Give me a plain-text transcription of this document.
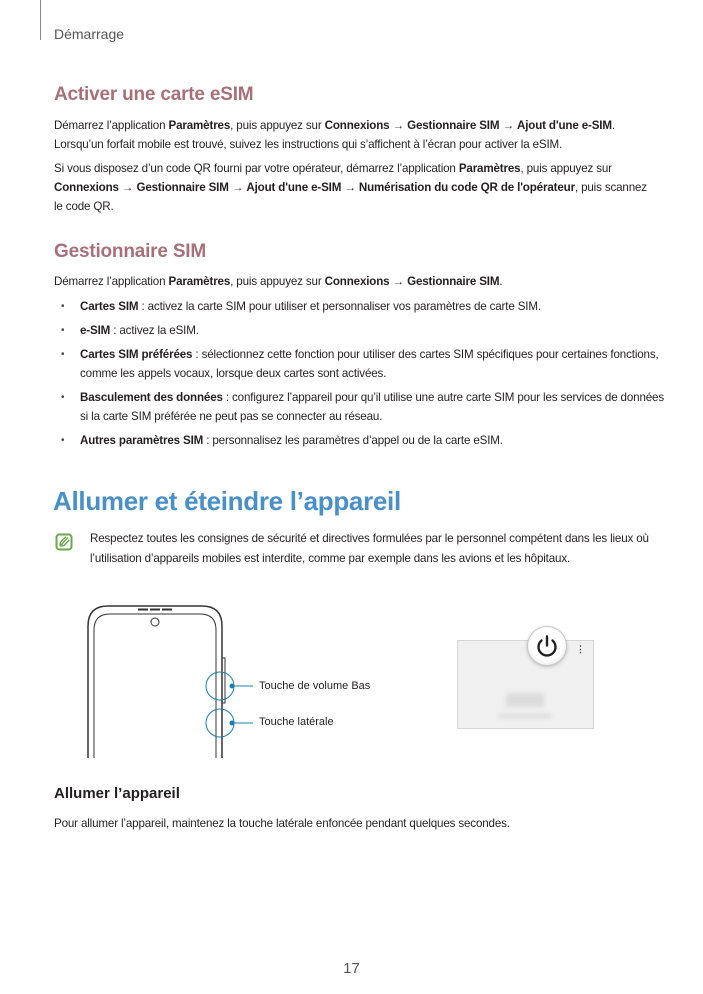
Démarrage
Activer une carte eSIM
Démarrez l’application Paramètres, puis appuyez sur Connexions → Gestionnaire SIM → Ajout d'une e-SIM. Lorsqu’un forfait mobile est trouvé, suivez les instructions qui s’affichent à l’écran pour activer la eSIM.
Si vous disposez d’un code QR fourni par votre opérateur, démarrez l’application Paramètres, puis appuyez sur Connexions → Gestionnaire SIM → Ajout d'une e-SIM → Numérisation du code QR de l'opérateur, puis scannez le code QR.
Gestionnaire SIM
Démarrez l’application Paramètres, puis appuyez sur Connexions → Gestionnaire SIM.
• Cartes SIM : activez la carte SIM pour utiliser et personnaliser vos paramètres de carte SIM.
• e-SIM : activez la eSIM.
• Cartes SIM préférées : sélectionnez cette fonction pour utiliser des cartes SIM spécifiques pour certaines fonctions, comme les appels vocaux, lorsque deux cartes sont activées.
• Basculement des données : configurez l’appareil pour qu’il utilise une autre carte SIM pour les services de données si la carte SIM préférée ne peut pas se connecter au réseau.
• Autres paramètres SIM : personnalisez les paramètres d’appel ou de la carte eSIM.
Allumer et éteindre l’appareil
Respectez toutes les consignes de sécurité et directives formulées par le personnel compétent dans les lieux où l’utilisation d’appareils mobiles est interdite, comme par exemple dans les avions et les hôpitaux.
Touche de volume Bas
Touche latérale
⋮
Allumer l’appareil
Pour allumer l’appareil, maintenez la touche latérale enfoncée pendant quelques secondes.
17
